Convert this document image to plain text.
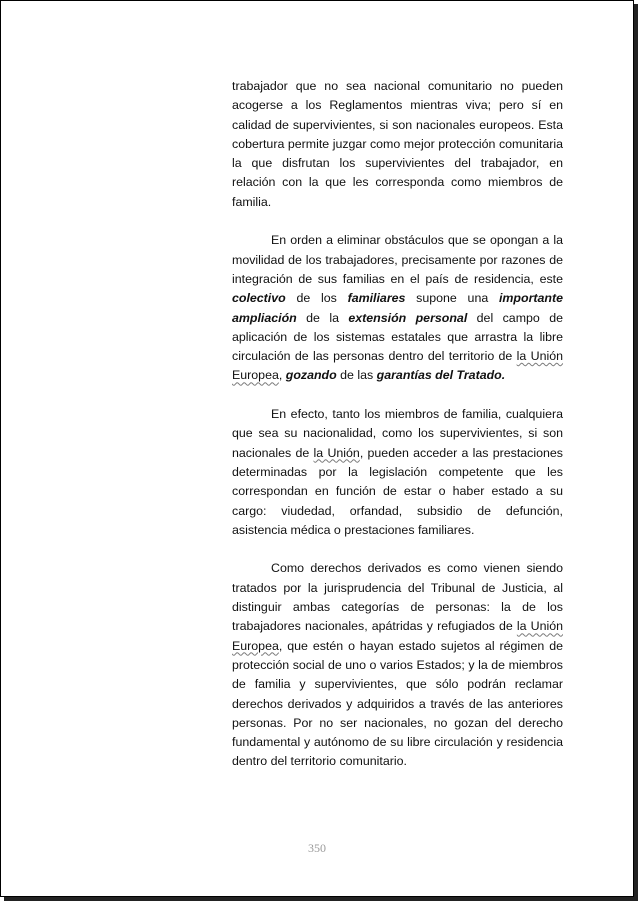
trabajador que no sea nacional comunitario no pueden acogerse a los Reglamentos mientras viva; pero sí en calidad de supervivientes, si son nacionales europeos. Esta cobertura permite juzgar como mejor protección comunitaria la que disfrutan los supervivientes del trabajador, en relación con la que les corresponda como miembros de familia.

En orden a eliminar obstáculos que se opongan a la movilidad de los trabajadores, precisamente por razones de integración de sus familias en el país de residencia, este colectivo de los familiares supone una importante ampliación de la extensión personal del campo de aplicación de los sistemas estatales que arrastra la libre circulación de las personas dentro del territorio de la Unión Europea, gozando de las garantías del Tratado.

En efecto, tanto los miembros de familia, cualquiera que sea su nacionalidad, como los supervivientes, si son nacionales de la Unión, pueden acceder a las prestaciones determinadas por la legislación competente que les correspondan en función de estar o haber estado a su cargo: viudedad, orfandad, subsidio de defunción, asistencia médica o prestaciones familiares.

Como derechos derivados es como vienen siendo tratados por la jurisprudencia del Tribunal de Justicia, al distinguir ambas categorías de personas: la de los trabajadores nacionales, apátridas y refugiados de la Unión Europea, que estén o hayan estado sujetos al régimen de protección social de uno o varios Estados; y la de miembros de familia y supervivientes, que sólo podrán reclamar derechos derivados y adquiridos a través de las anteriores personas. Por no ser nacionales, no gozan del derecho fundamental y autónomo de su libre circulación y residencia dentro del territorio comunitario.

350
